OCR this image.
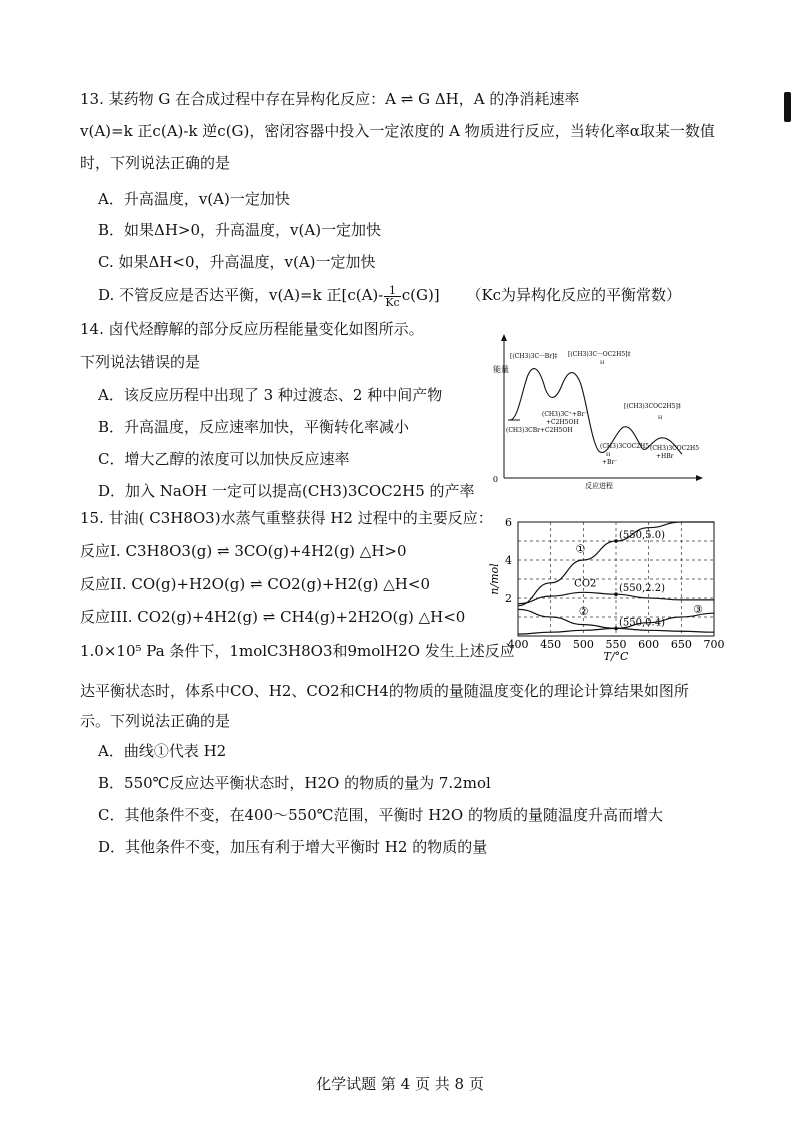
13. 某药物 G 在合成过程中存在异构化反应：A ⇌ G ΔH，A 的净消耗速率
v(A)=k 正c(A)-k 逆c(G)，密闭容器中投入一定浓度的 A 物质进行反应，当转化率α取某一数值
时，下列说法正确的是
A．升高温度，v(A)一定加快
B．如果ΔH>0，升高温度，v(A)一定加快
C. 如果ΔH<0，升高温度，v(A)一定加快
D. 不管反应是否达平衡，v(A)=k 正$[c(A)- \frac{1}{Kc} c(G)]$ （Kc为异构化反应的平衡常数）
14. 卤代烃醇解的部分反应历程能量变化如图所示。
下列说法错误的是
A．该反应历程中出现了 3 种过渡态、2 种中间产物
B．升高温度，反应速率加快，平衡转化率减小
C．增大乙醇的浓度可以加快反应速率
D．加入 NaOH 一定可以提高(CH3)3COC2H5 的产率
0
能量
反应进程
[(CH3)3C···Br]‡ [(CH3)3C···OC2H5]‡
H
[(CH3)3COC2H5]‡
H
(CH3)3C⁺+Br⁻
+C2H5OH
(CH3)3CBr+C2H5OH
(CH3)3COC2H5
H
+Br⁻
(CH3)3COC2H5
+HBr
15. 甘油( C3H8O3)水蒸气重整获得 H2 过程中的主要反应：
反应I. C3H8O3(g) ⇌ 3CO(g)+4H2(g) △H>0
反应II. CO(g)+H2O(g) ⇌ CO2(g)+H2(g) △H<0
反应III. CO2(g)+4H2(g) ⇌ CH4(g)+2H2O(g) △H<0
1.0×10⁵ Pa 条件下，1molC3H8O3和9molH2O 发生上述反应
达平衡状态时，体系中CO、H2、CO2和CH4的物质的量随温度变化的理论计算结果如图所
示。下列说法正确的是
A．曲线①代表 H2
B．550℃反应达平衡状态时，H2O 的物质的量为 7.2mol
C．其他条件不变，在400～550℃范围，平衡时 H2O 的物质的量随温度升高而增大
D．其他条件不变，加压有利于增大平衡时 H2 的物质的量
400 450 500 550 600 650 700
2
4
6
T/°C
n/mol
(550,5.0)
(550,2.2)
(550,0.4)
①
CO2
②	③
化学试题 第 4 页 共 8 页
